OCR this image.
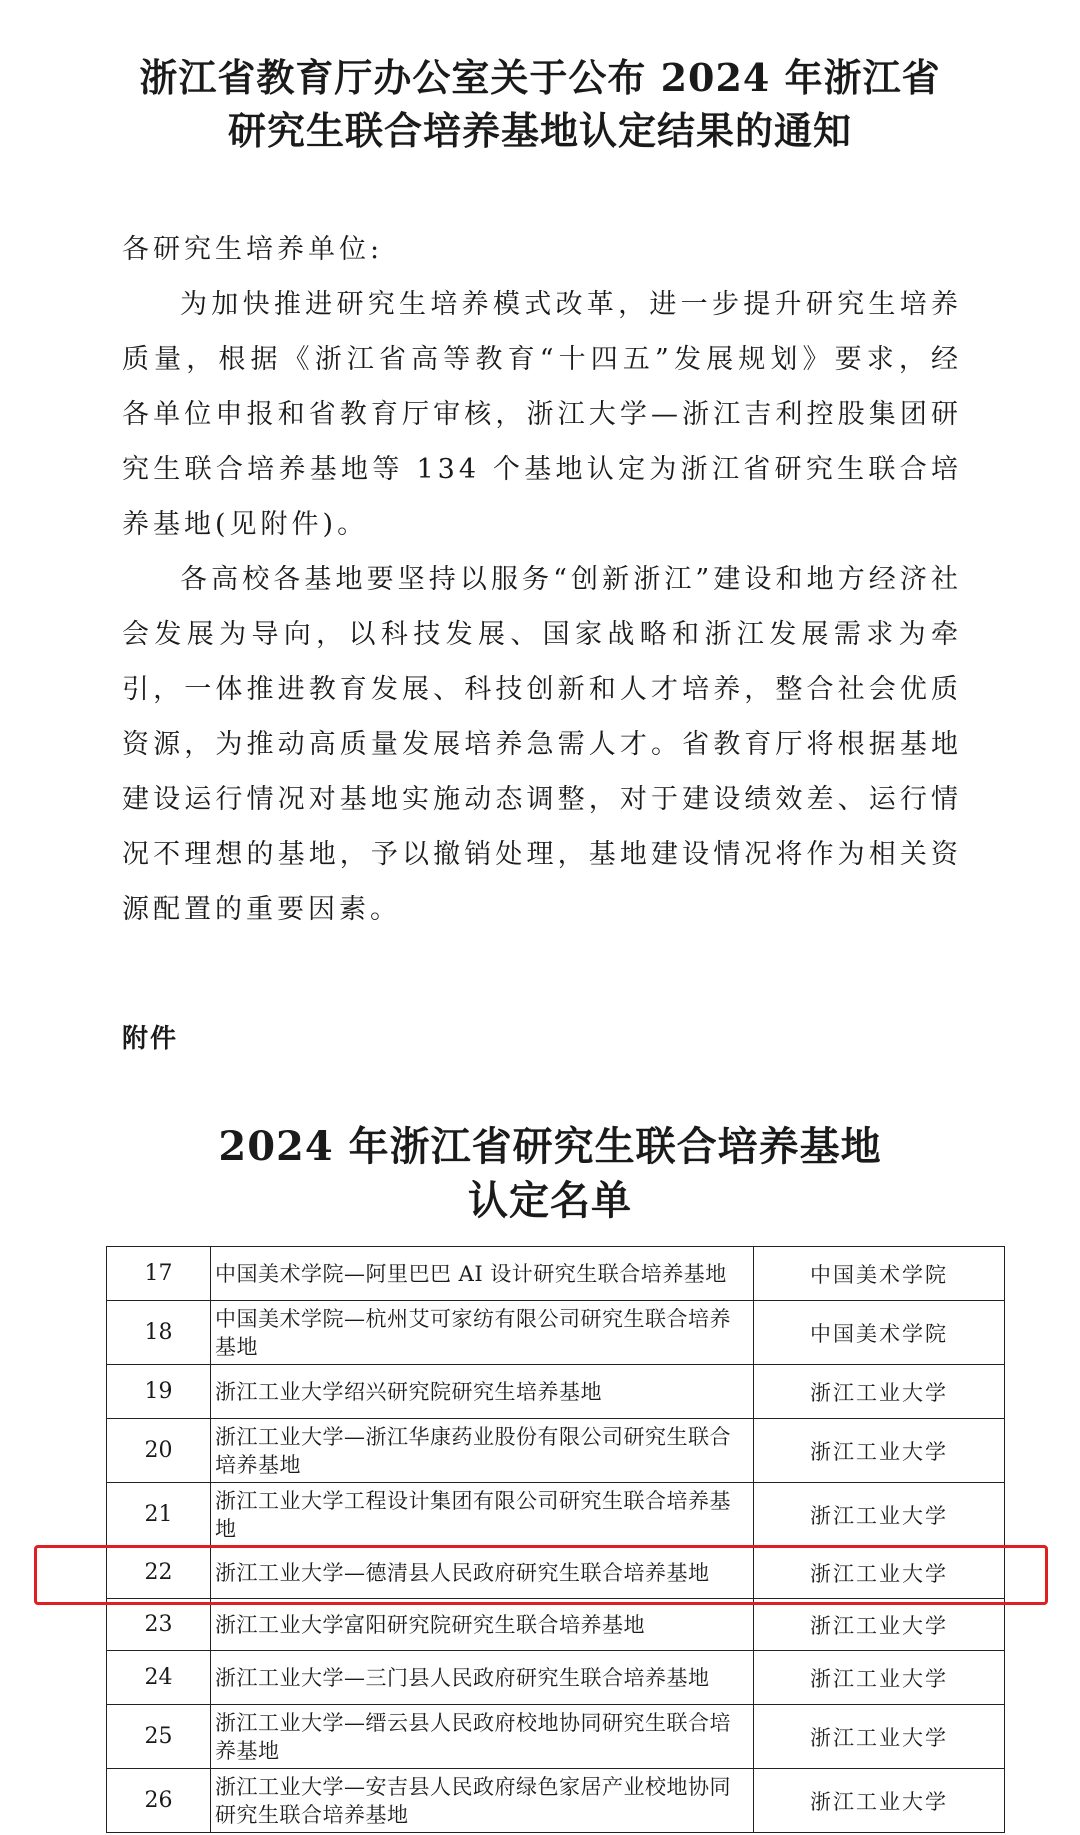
浙江省教育厅办公室关于公布 2024 年浙江省
研究生联合培养基地认定结果的通知
各研究生培养单位:
为加快推进研究生培养模式改革，进一步提升研究生培养质量，根据《浙江省高等教育“十四五”发展规划》要求，经各单位申报和省教育厅审核，浙江大学—浙江吉利控股集团研究生联合培养基地等 134 个基地认定为浙江省研究生联合培养基地(见附件)。
各高校各基地要坚持以服务“创新浙江”建设和地方经济社会发展为导向，以科技发展、国家战略和浙江发展需求为牵引，一体推进教育发展、科技创新和人才培养，整合社会优质资源，为推动高质量发展培养急需人才。省教育厅将根据基地建设运行情况对基地实施动态调整，对于建设绩效差、运行情况不理想的基地，予以撤销处理，基地建设情况将作为相关资源配置的重要因素。
附件
2024 年浙江省研究生联合培养基地
认定名单
17	中国美术学院—阿里巴巴 AI 设计研究生联合培养基地	中国美术学院
18	中国美术学院—杭州艾可家纺有限公司研究生联合培养基地	中国美术学院
19	浙江工业大学绍兴研究院研究生培养基地	浙江工业大学
20	浙江工业大学—浙江华康药业股份有限公司研究生联合培养基地	浙江工业大学
21	浙江工业大学工程设计集团有限公司研究生联合培养基地	浙江工业大学
22	浙江工业大学—德清县人民政府研究生联合培养基地	浙江工业大学
23	浙江工业大学富阳研究院研究生联合培养基地	浙江工业大学
24	浙江工业大学—三门县人民政府研究生联合培养基地	浙江工业大学
25	浙江工业大学—缙云县人民政府校地协同研究生联合培养基地	浙江工业大学
26	浙江工业大学—安吉县人民政府绿色家居产业校地协同研究生联合培养基地	浙江工业大学
